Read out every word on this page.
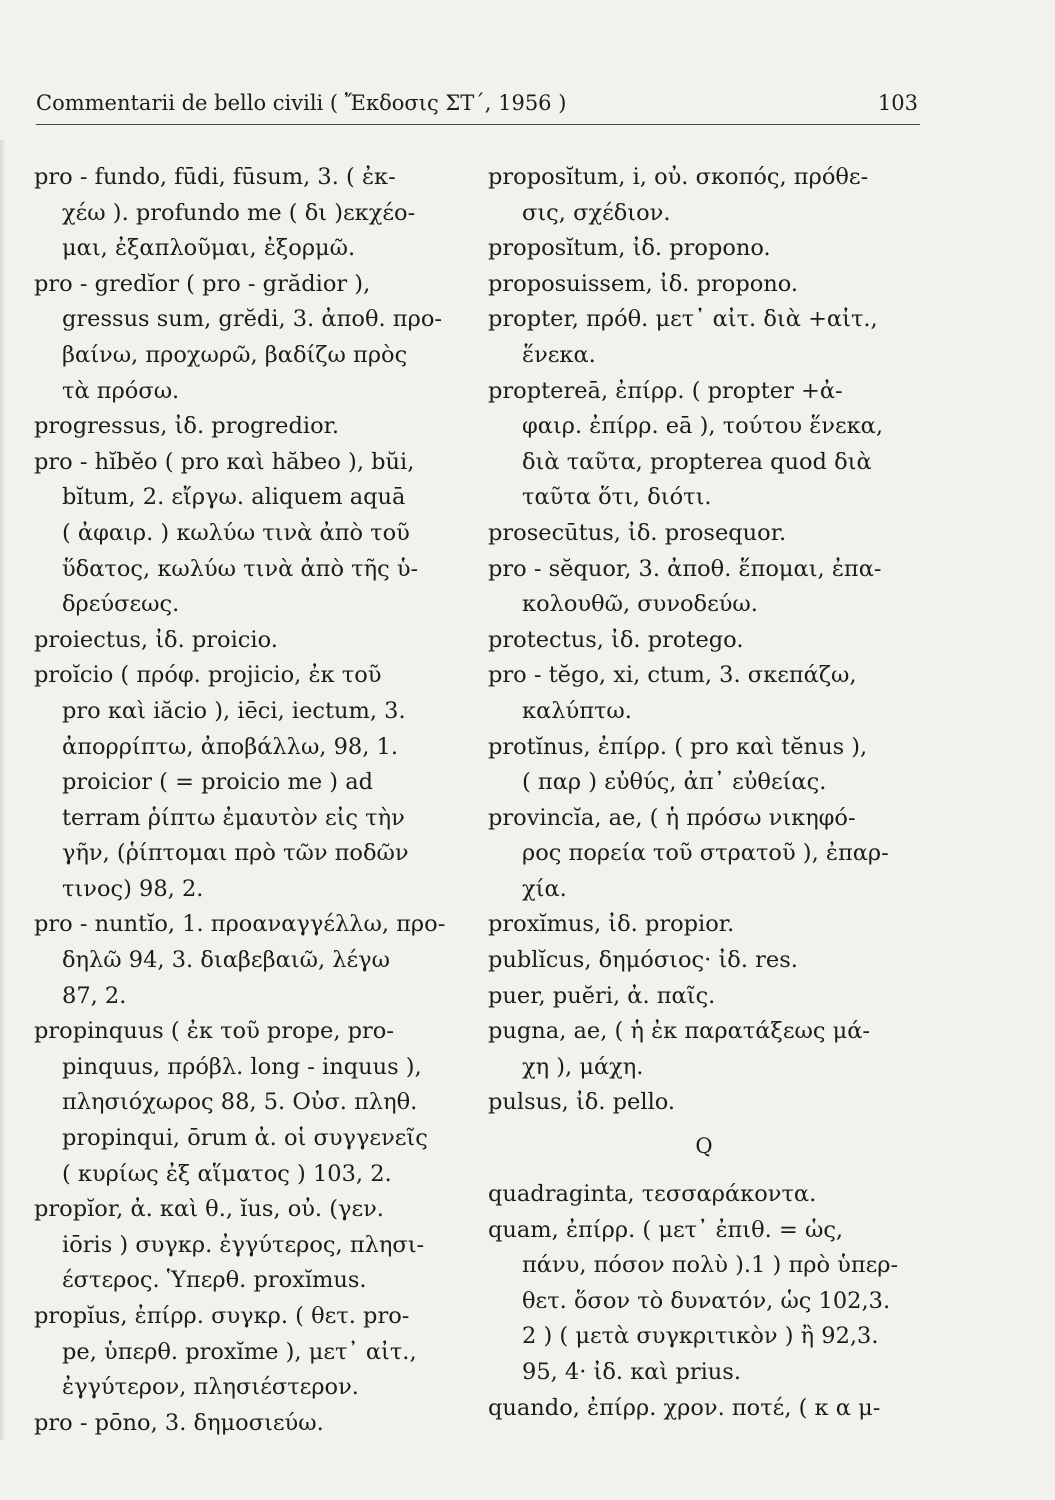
Commentarii de bello civili ( Ἔκδοσις ΣΤ΄, 1956 )	103
pro - fundo, fūdi, fūsum, 3. ( ἐκ-
χέω ). profundo me ( δι )εκχέο-
μαι, ἐξαπλοῦμαι, ἐξορμῶ.
pro - gredĭor ( pro - grădior ),
gressus sum, grĕdi, 3. ἀποθ. προ-
βαίνω, προχωρῶ, βαδίζω πρὸς
τὰ πρόσω.
progressus, ἰδ. progredior.
pro - hĭbĕo ( pro καὶ hăbeo ), bŭi,
bĭtum, 2. εἴργω. aliquem aquā
( ἀφαιρ. ) κωλύω τινὰ ἀπὸ τοῦ
ὕδατος, κωλύω τινὰ ἀπὸ τῆς ὑ-
δρεύσεως.
proiectus, ἰδ. proicio.
proĭcio ( πρόφ. projicio, ἐκ τοῦ
pro καὶ iăcio ), iēci, iectum, 3.
ἀπορρίπτω, ἀποβάλλω, 98, 1.
proicior ( = proicio me ) ad
terram ῥίπτω ἐμαυτὸν εἰς τὴν
γῆν, (ῥίπτομαι πρὸ τῶν ποδῶν
τινος) 98, 2.
pro - nuntĭo, 1. προαναγγέλλω, προ-
δηλῶ 94, 3. διαβεβαιῶ, λέγω
87, 2.
propinquus ( ἐκ τοῦ prope, pro-
pinquus, πρόβλ. long - inquus ),
πλησιόχωρος 88, 5. Οὐσ. πληθ.
propinqui, ōrum ἀ. οἱ συγγενεῖς
( κυρίως ἐξ αἵματος ) 103, 2.
propĭor, ἀ. καὶ θ., ĭus, οὐ. (γεν.
iōris ) συγκρ. ἐγγύτερος, πλησι-
έστερος. Ὑπερθ. proxĭmus.
propĭus, ἐπίρρ. συγκρ. ( θετ. pro-
pe, ὑπερθ. proxĭme ), μετ᾽ αἰτ.,
ἐγγύτερον, πλησιέστερον.
pro - pōno, 3. δημοσιεύω.
proposĭtum, i, οὐ. σκοπός, πρόθε-
σις, σχέδιον.
proposĭtum, ἰδ. propono.
proposuissem, ἰδ. propono.
propter, πρόθ. μετ᾽ αἰτ. διὰ +αἰτ.,
ἕνεκα.
propterеā, ἐπίρρ. ( propter +ἀ-
φαιρ. ἐπίρρ. eā ), τούτου ἕνεκα,
διὰ ταῦτα, propterea quod διὰ
ταῦτα ὅτι, διότι.
prosecūtus, ἰδ. prosequor.
pro - sĕquor, 3. ἀποθ. ἕπομαι, ἐπα-
κολουθῶ, συνοδεύω.
protectus, ἰδ. protego.
pro - tĕgo, xi, ctum, 3. σκεπάζω,
καλύπτω.
protĭnus, ἐπίρρ. ( pro καὶ tĕnus ),
( παρ ) εὐθύς, ἀπ᾽ εὐθείας.
provincĭa, ae, ( ἡ πρόσω νικηφό-
ρος πορεία τοῦ στρατοῦ ), ἐπαρ-
χία.
proxĭmus, ἰδ. propior.
publĭcus, δημόσιος· ἰδ. res.
puer, puĕri, ἀ. παῖς.
pugna, ae, ( ἡ ἐκ παρατάξεως μά-
χη ), μάχη.
pulsus, ἰδ. pello.
Q
quadraginta, τεσσαράκοντα.
quam, ἐπίρρ. ( μετ᾽ ἐπιθ. = ὡς,
πάνυ, πόσον πολὺ ).1 ) πρὸ ὑπερ-
θετ. ὅσον τὸ δυνατόν, ὡς 102,3.
2 ) ( μετὰ συγκριτικὸν ) ἢ 92,3.
95, 4· ἰδ. καὶ prius.
quando, ἐπίρρ. χρον. ποτέ, ( κ α μ-
